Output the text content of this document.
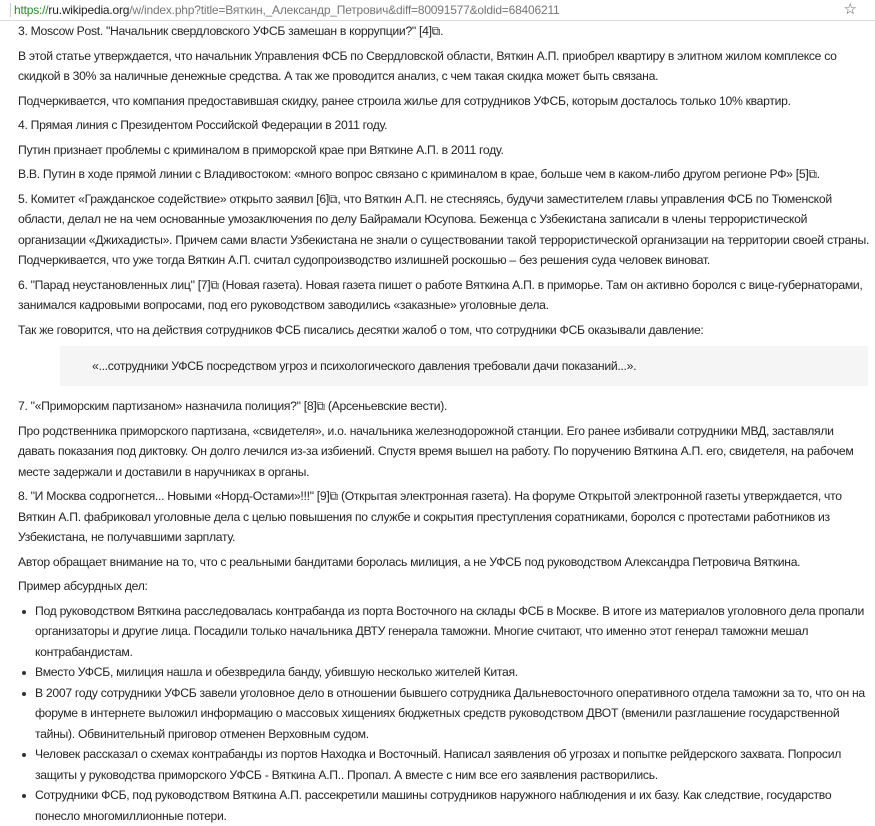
https://ru.wikipedia.org/w/index.php?title=Вяткин,_Александр_Петрович&diff=80091577&oldid=68406211	☆

3. Moscow Post. "Начальник свердловского УФСБ замешан в коррупции?" [4]⧉.

В этой статье утверждается, что начальник Управления ФСБ по Свердловской области, Вяткин А.П. приобрел квартиру в элитном жилом комплексе со
скидкой в 30% за наличные денежные средства. А так же проводится анализ, с чем такая скидка может быть связана.

Подчеркивается, что компания предоставившая скидку, ранее строила жилье для сотрудников УФСБ, которым досталось только 10% квартир.

4. Прямая линия с Президентом Российской Федерации в 2011 году.

Путин признает проблемы с криминалом в приморской крае при Вяткине А.П. в 2011 году.

В.В. Путин в ходе прямой линии с Владивостоком: «много вопрос связано с криминалом в крае, больше чем в каком-либо другом регионе РФ» [5]⧉.

5. Комитет «Гражданское содействие» открыто заявил [6]⧉, что Вяткин А.П. не стесняясь, будучи заместителем главы управления ФСБ по Тюменской
области, делал не на чем основанные умозаключения по делу Байрамали Юсупова. Беженца с Узбекистана записали в члены террористической
организации «Джихадисты». Причем сами власти Узбекистана не знали о существовании такой террористической организации на территории своей страны.
Подчеркивается, что уже тогда Вяткин А.П. считал судопроизводство излишней роскошью – без решения суда человек виноват.

6. "Парад неустановленных лиц" [7]⧉ (Новая газета). Новая газета пишет о работе Вяткина А.П. в приморье. Там он активно боролся с вице-губернаторами,
занимался кадровыми вопросами, под его руководством заводились «заказные» уголовные дела.

Так же говорится, что на действия сотрудников ФСБ писались десятки жалоб о том, что сотрудники ФСБ оказывали давление:

«...сотрудники УФСБ посредством угроз и психологического давления требовали дачи показаний...».

7. "«Приморским партизаном» назначила полиция?" [8]⧉ (Арсеньевские вести).

Про родственника приморского партизана, «свидетеля», и.о. начальника железнодорожной станции. Его ранее избивали сотрудники МВД, заставляли
давать показания под диктовку. Он долго лечился из-за избиений. Спустя время вышел на работу. По поручению Вяткина А.П. его, свидетеля, на рабочем
месте задержали и доставили в наручниках в органы.

8. "И Москва содрогнется... Новыми «Норд-Остами»!!!" [9]⧉ (Открытая электронная газета). На форуме Открытой электронной газеты утверждается, что
Вяткин А.П. фабриковал уголовные дела с целью повышения по службе и сокрытия преступления соратниками, боролся с протестами работников из
Узбекистана, не получавшими зарплату.

Автор обращает внимание на то, что с реальными бандитами боролась милиция, а не УФСБ под руководством Александра Петровича Вяткина.

Пример абсурдных дел:

Под руководством Вяткина расследовалась контрабанда из порта Восточного на склады ФСБ в Москве. В итоге из материалов уголовного дела пропали
организаторы и другие лица. Посадили только начальника ДВТУ генерала таможни. Многие считают, что именно этот генерал таможни мешал
контрабандистам.
Вместо УФСБ, милиция нашла и обезвредила банду, убившую несколько жителей Китая.
В 2007 году сотрудники УФСБ завели уголовное дело в отношении бывшего сотрудника Дальневосточного оперативного отдела таможни за то, что он на
форуме в интернете выложил информацию о массовых хищениях бюджетных средств руководством ДВОТ (вменили разглашение государственной
тайны). Обвинительный приговор отменен Верховным судом.
Человек рассказал о схемах контрабанды из портов Находка и Восточный. Написал заявления об угрозах и попытке рейдерского захвата. Попросил
защиты у руководства приморского УФСБ - Вяткина А.П.. Пропал. А вместе с ним все его заявления растворились.
Сотрудники ФСБ, под руководством Вяткина А.П. рассекретили машины сотрудников наружного наблюдения и их базу. Как следствие, государство
понесло многомиллионные потери.
